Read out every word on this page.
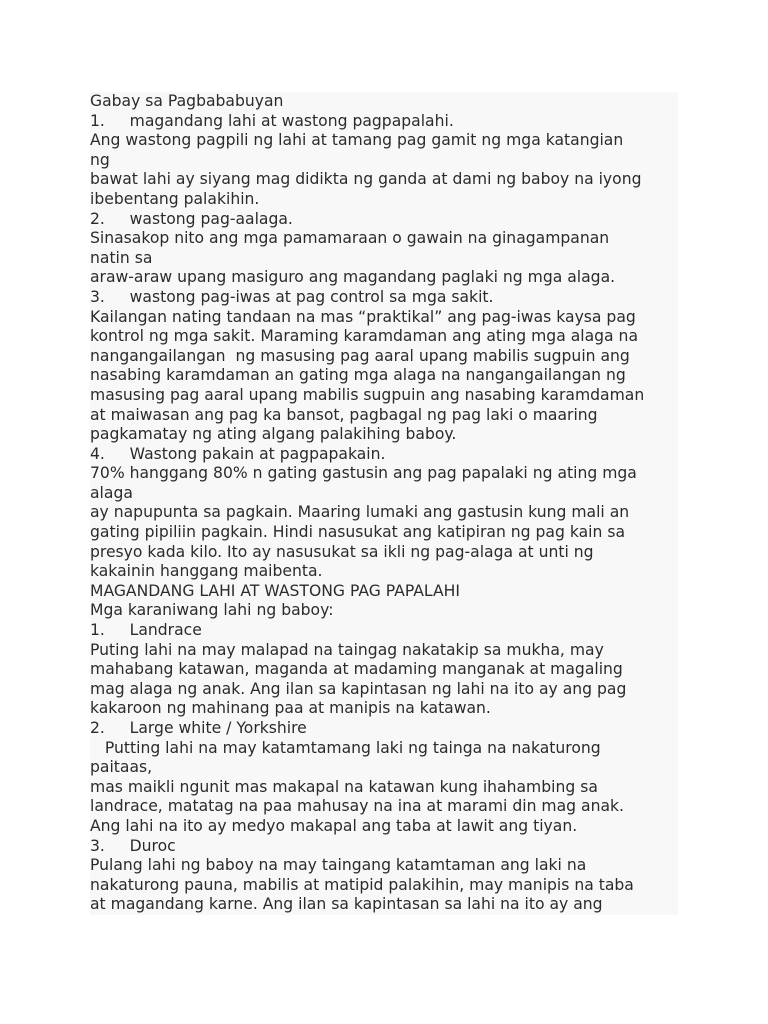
Gabay sa Pagbababuyan
1.     magandang lahi at wastong pagpapalahi.
Ang wastong pagpili ng lahi at tamang pag gamit ng mga katangian
ng
bawat lahi ay siyang mag didikta ng ganda at dami ng baboy na iyong
ibebentang palakihin.
2.     wastong pag-aalaga.
Sinasakop nito ang mga pamamaraan o gawain na ginagampanan
natin sa
araw-araw upang masiguro ang magandang paglaki ng mga alaga.
3.     wastong pag-iwas at pag control sa mga sakit.
Kailangan nating tandaan na mas “praktikal” ang pag-iwas kaysa pag
kontrol ng mga sakit. Maraming karamdaman ang ating mga alaga na
nangangailangan  ng masusing pag aaral upang mabilis sugpuin ang
nasabing karamdaman an gating mga alaga na nangangailangan ng
masusing pag aaral upang mabilis sugpuin ang nasabing karamdaman
at maiwasan ang pag ka bansot, pagbagal ng pag laki o maaring
pagkamatay ng ating algang palakihing baboy.
4.     Wastong pakain at pagpapakain.
70% hanggang 80% n gating gastusin ang pag papalaki ng ating mga
alaga
ay napupunta sa pagkain. Maaring lumaki ang gastusin kung mali an
gating pipiliin pagkain. Hindi nasusukat ang katipiran ng pag kain sa
presyo kada kilo. Ito ay nasusukat sa ikli ng pag-alaga at unti ng
kakainin hanggang maibenta.
MAGANDANG LAHI AT WASTONG PAG PAPALAHI
Mga karaniwang lahi ng baboy:
1.     Landrace
Puting lahi na may malapad na taingag nakatakip sa mukha, may
mahabang katawan, maganda at madaming manganak at magaling
mag alaga ng anak. Ang ilan sa kapintasan ng lahi na ito ay ang pag
kakaroon ng mahinang paa at manipis na katawan.
2.     Large white / Yorkshire
Putting lahi na may katamtamang laki ng tainga na nakaturong
paitaas,
mas maikli ngunit mas makapal na katawan kung ihahambing sa
landrace, matatag na paa mahusay na ina at marami din mag anak.
Ang lahi na ito ay medyo makapal ang taba at lawit ang tiyan.
3.     Duroc
Pulang lahi ng baboy na may taingang katamtaman ang laki na
nakaturong pauna, mabilis at matipid palakihin, may manipis na taba
at magandang karne. Ang ilan sa kapintasan sa lahi na ito ay ang
